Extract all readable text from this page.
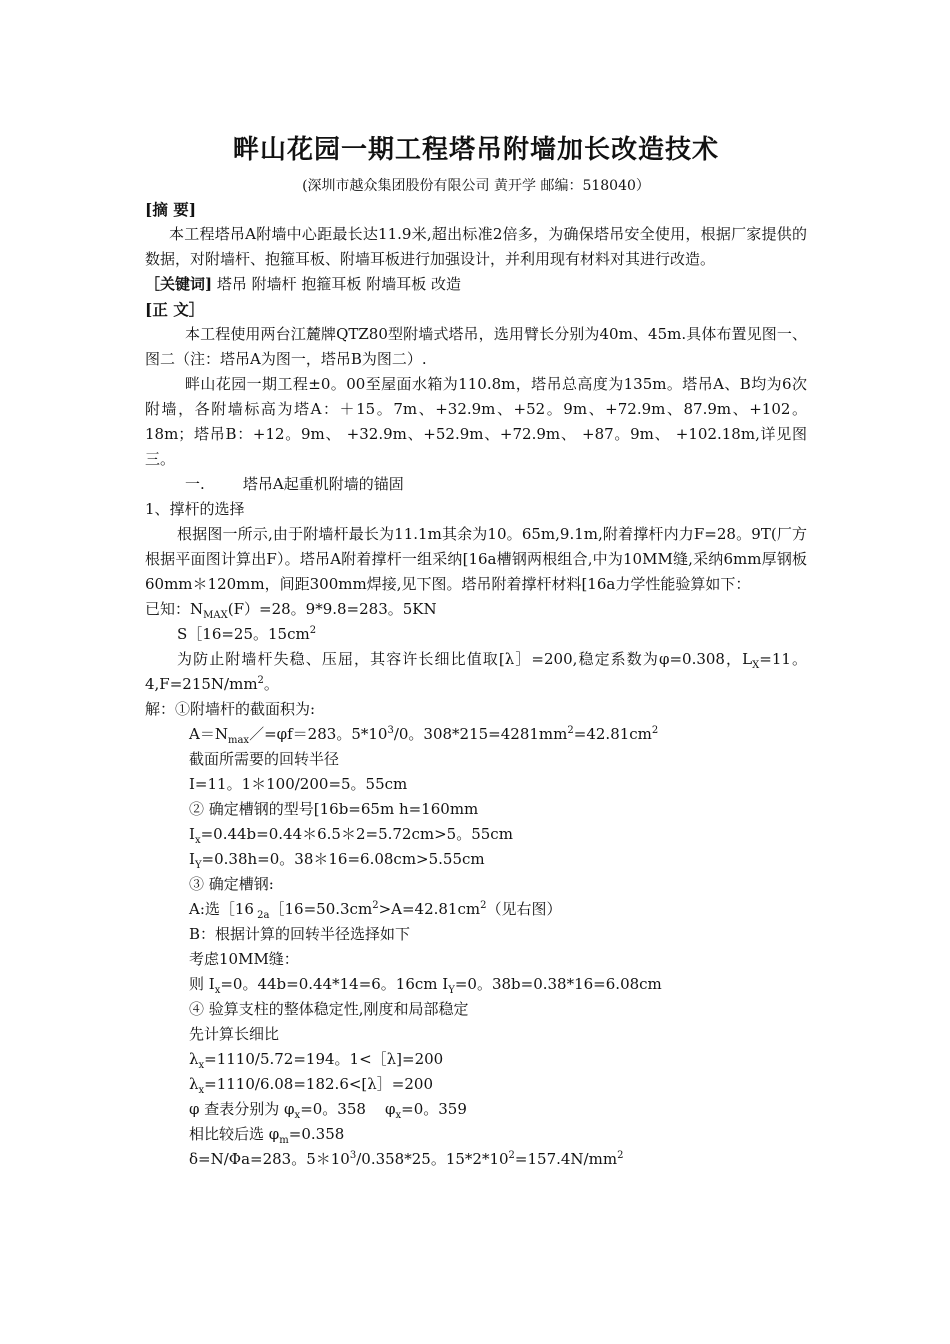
畔山花园一期工程塔吊附墙加长改造技术
(深圳市越众集团股份有限公司 黄开学 邮编：518040）
[摘 要]

本工程塔吊A附墙中心距最长达11.9米,超出标准2倍多，为确保塔吊安全使用，根据厂家提供的数据，对附墙杆、抱箍耳板、附墙耳板进行加强设计，并利用现有材料对其进行改造。

［关键词] 塔吊 附墙杆 抱箍耳板 附墙耳板 改造
[正 文］

本工程使用两台江麓牌QTZ80型附墙式塔吊，选用臂长分别为40m、45m.具体布置见图一、图二（注：塔吊A为图一，塔吊B为图二）.

畔山花园一期工程±0。00至屋面水箱为110.8m，塔吊总高度为135m。塔吊A、B均为6次附墙，各附墙标高为塔A：＋15。7m、+32.9m、+52。9m、+72.9m、87.9m、+102。18m；塔吊B：+12。9m、 +32.9m、+52.9m、+72.9m、 +87。9m、 +102.18m,详见图三。

一.        塔吊A起重机附墙的锚固

1、撑杆的选择

根据图一所示,由于附墙杆最长为11.1m其余为10。65m,9.1m,附着撑杆内力F=28。9T(厂方根据平面图计算出F）。塔吊A附着撑杆一组采纳[16a槽钢两根组合,中为10MM缝,采纳6mm厚钢板60mm＊120mm，间距300mm焊接,见下图。塔吊附着撑杆材料[16a力学性能验算如下：

已知：$N_{MAX}(F)=28$。9*9.8=283。5KN

S［16=25。$15cm^2$

为防止附墙杆失稳、压屈，其容许长细比值取[λ］=200,稳定系数为φ=0.308，$L_X=11$。$4,F=215N/mm^2$。

解：①附墙杆的截面积为:

$A=N_{max}/=\varphi f=283$。$5*10^3/0$。$308*215=4281mm^2=42.81cm^2$

截面所需要的回转半径

I=11。1＊100/200=5。55cm

② 确定槽钢的型号[16b=65m h=160mm

$I_x=0.44b=0.44*6.5*2=5.72cm>5$。55cm

$I_Y=0.38h=0$。38＊16=6.08cm>5.55cm

③ 确定槽钢:

A:选［16 $_{2a}[16=50.3cm^2>A=42.81cm^2$（见右图）

B：根据计算的回转半径选择如下

考虑10MM缝：

则 $I_x=0$。44b=0.44*14=6。16cm $I_Y=0$。38b=0.38*16=6.08cm

④ 验算支柱的整体稳定性,刚度和局部稳定

先计算长细比

$\lambda_x=1110/5.72=194$。1<［λ]=200

$\lambda_x=1110/6.08=182.6<[\lambda]=200$

φ 查表分别为 $\varphi_x=0$。358    $\varphi_x=0$。359

相比较后选 $\varphi_m=0.358$

δ=N/Φa=283。$5*10^3/0.358*25$。$15*2*10^2=157.4N/mm^2$
